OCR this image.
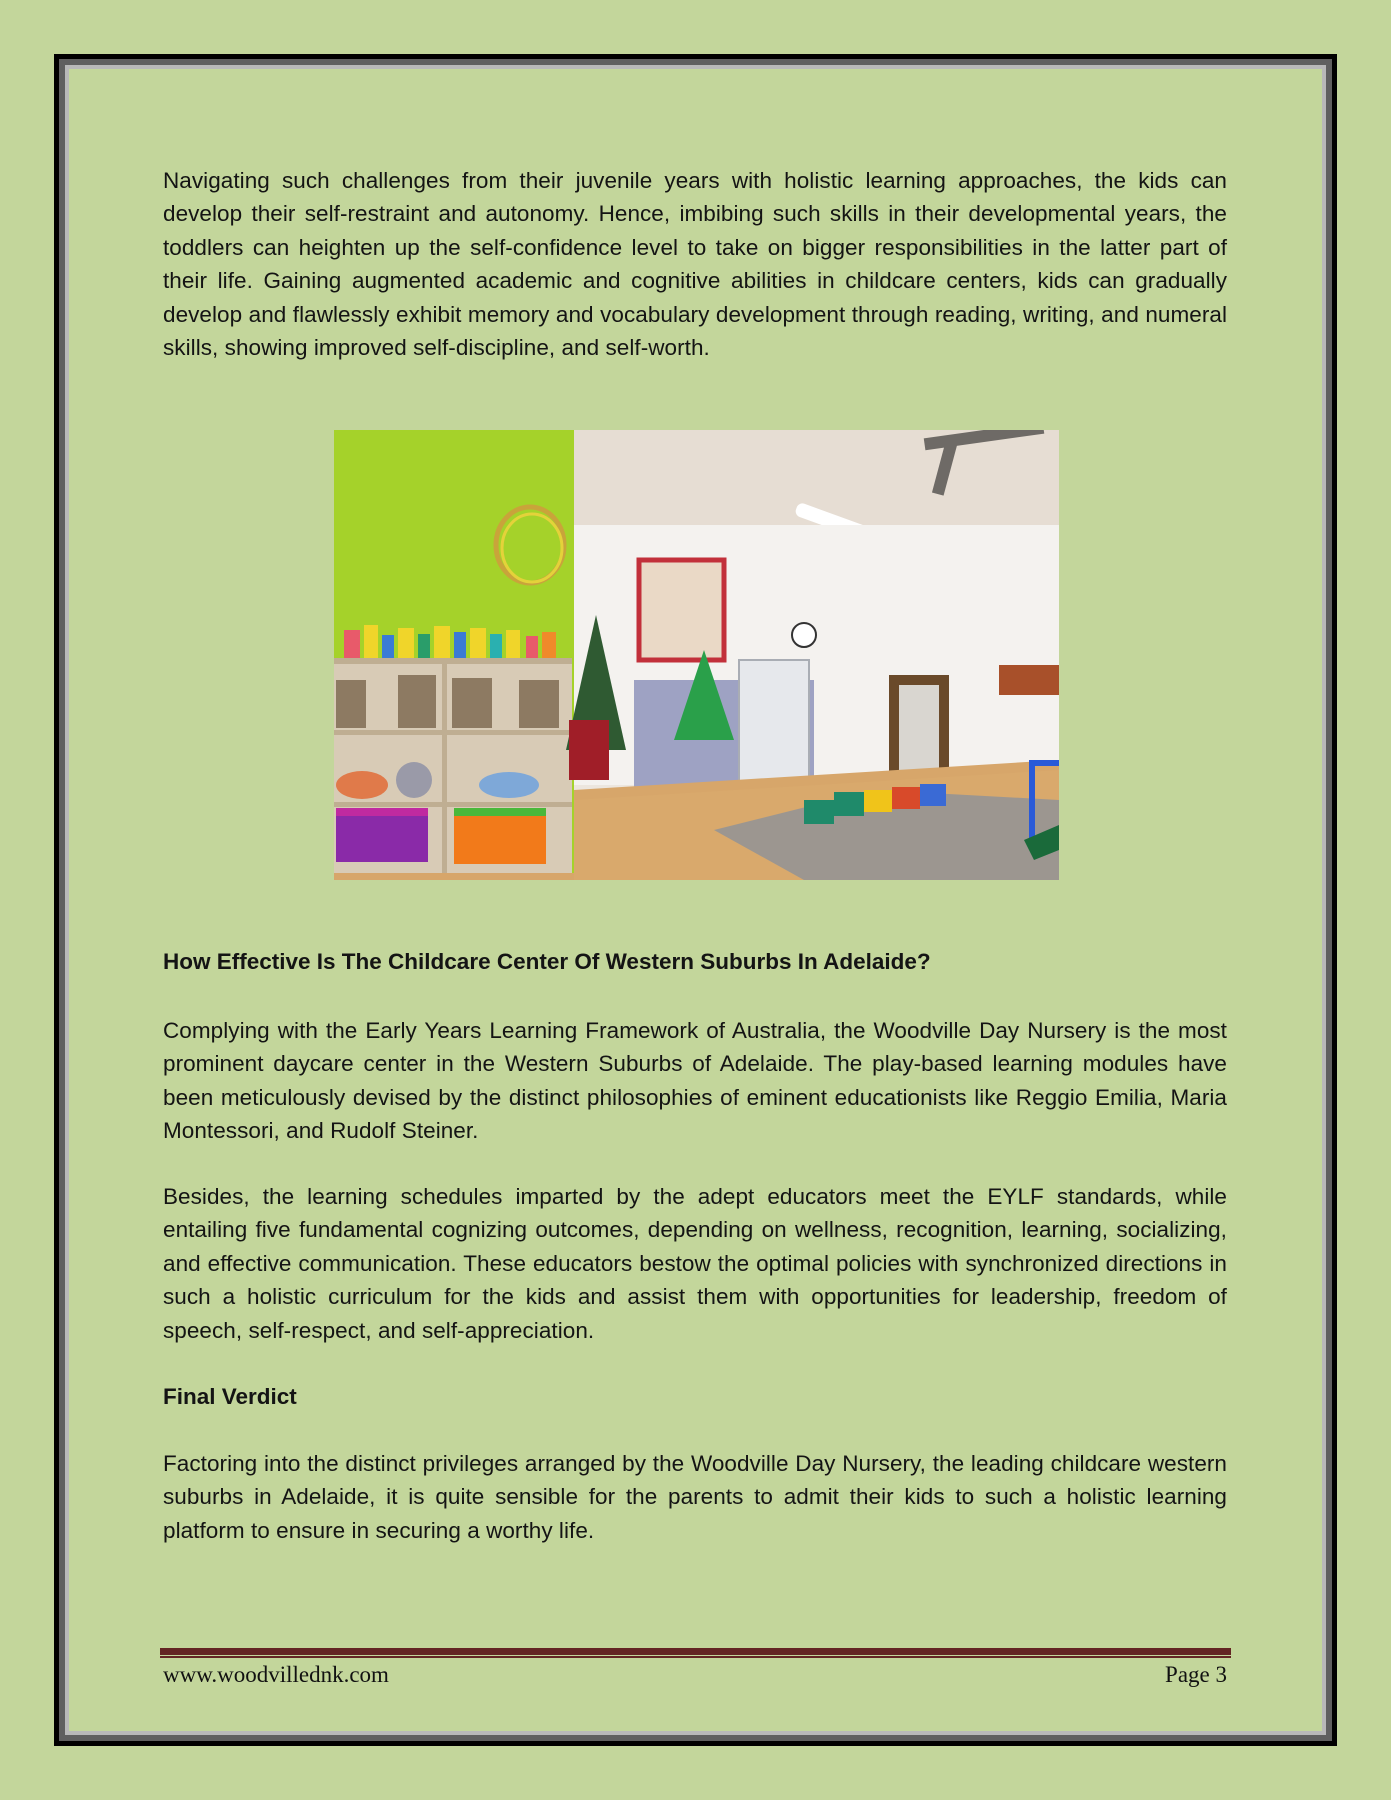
Navigating such challenges from their juvenile years with holistic learning approaches, the kids can develop their self-restraint and autonomy. Hence, imbibing such skills in their developmental years, the toddlers can heighten up the self-confidence level to take on bigger responsibilities in the latter part of their life. Gaining augmented academic and cognitive abilities in childcare centers, kids can gradually develop and flawlessly exhibit memory and vocabulary development through reading, writing, and numeral skills, showing improved self-discipline, and self-worth.

How Effective Is The Childcare Center Of Western Suburbs In Adelaide?

Complying with the Early Years Learning Framework of Australia, the Woodville Day Nursery is the most prominent daycare center in the Western Suburbs of Adelaide. The play-based learning modules have been meticulously devised by the distinct philosophies of eminent educationists like Reggio Emilia, Maria Montessori, and Rudolf Steiner.

Besides, the learning schedules imparted by the adept educators meet the EYLF standards, while entailing five fundamental cognizing outcomes, depending on wellness, recognition, learning, socializing, and effective communication. These educators bestow the optimal policies with synchronized directions in such a holistic curriculum for the kids and assist them with opportunities for leadership, freedom of speech, self-respect, and self-appreciation.

Final Verdict

Factoring into the distinct privileges arranged by the Woodville Day Nursery, the leading childcare western suburbs in Adelaide, it is quite sensible for the parents to admit their kids to such a holistic learning platform to ensure in securing a worthy life.

www.woodvillednk.com	Page 3
